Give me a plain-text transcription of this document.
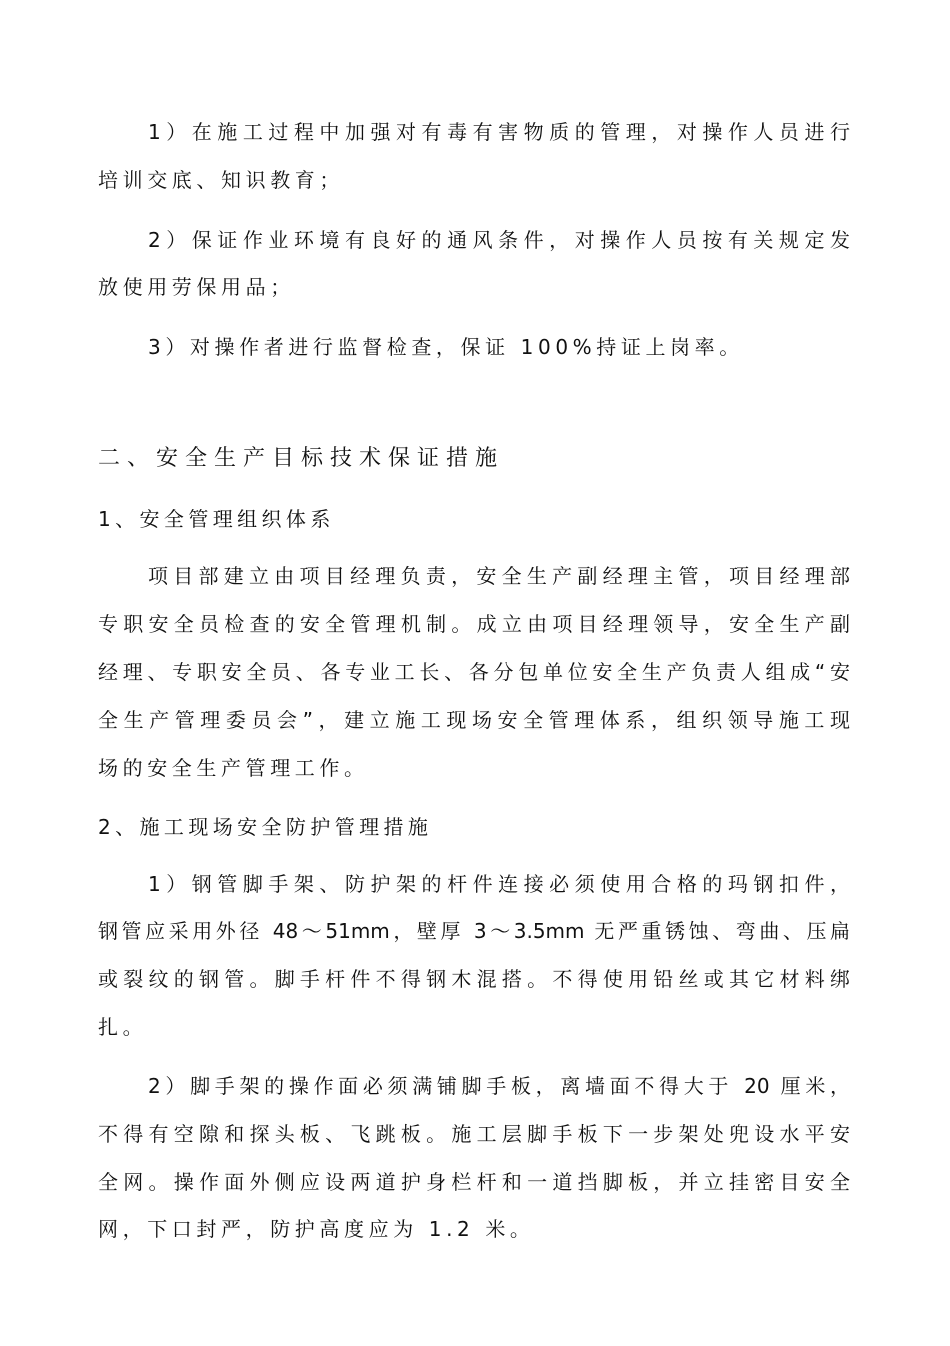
1）在施工过程中加强对有毒有害物质的管理，对操作人员进行
培训交底、知识教育；
2）保证作业环境有良好的通风条件，对操作人员按有关规定发
放使用劳保用品；
3）对操作者进行监督检查，保证 100%持证上岗率。
二、安全生产目标技术保证措施
1、安全管理组织体系
项目部建立由项目经理负责，安全生产副经理主管，项目经理部
专职安全员检查的安全管理机制。成立由项目经理领导，安全生产副
经理、专职安全员、各专业工长、各分包单位安全生产负责人组成“安
全生产管理委员会”，建立施工现场安全管理体系，组织领导施工现
场的安全生产管理工作。
2、施工现场安全防护管理措施
1）钢管脚手架、防护架的杆件连接必须使用合格的玛钢扣件，
钢管应采用外径 48～51mm，壁厚 3～3.5mm 无严重锈蚀、弯曲、压扁
或裂纹的钢管。脚手杆件不得钢木混搭。不得使用铅丝或其它材料绑
扎。
2）脚手架的操作面必须满铺脚手板，离墙面不得大于 20 厘米，
不得有空隙和探头板、飞跳板。施工层脚手板下一步架处兜设水平安
全网。操作面外侧应设两道护身栏杆和一道挡脚板，并立挂密目安全
网，下口封严，防护高度应为 1.2 米。
